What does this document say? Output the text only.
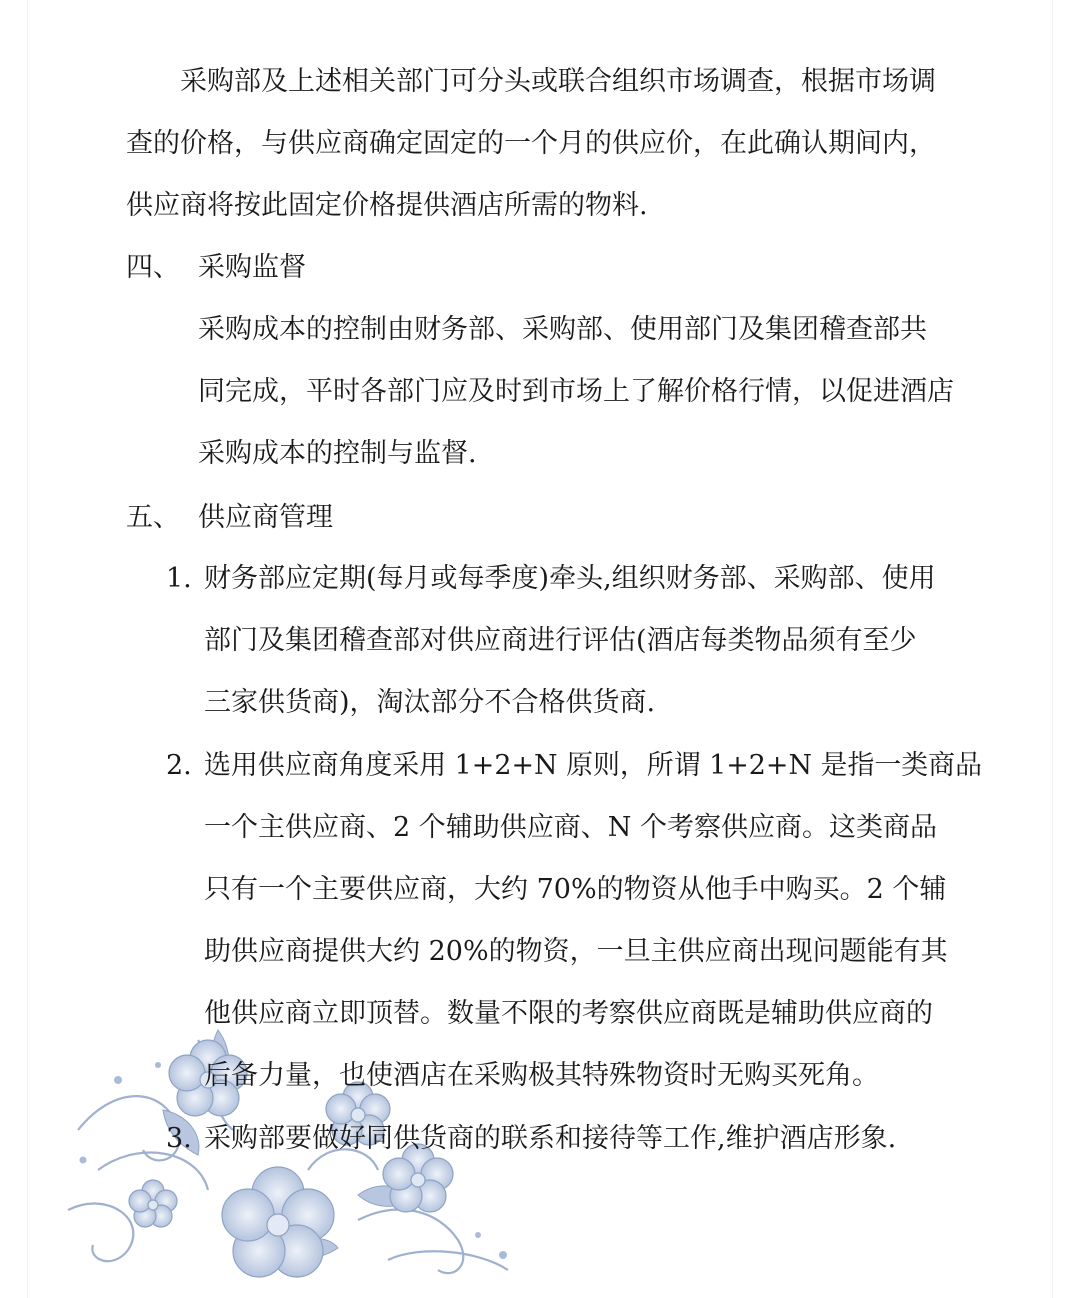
采购部及上述相关部门可分头或联合组织市场调查，根据市场调
查的价格，与供应商确定固定的一个月的供应价，在此确认期间内，
供应商将按此固定价格提供酒店所需的物料.
四、 采购监督
采购成本的控制由财务部、采购部、使用部门及集团稽查部共
同完成，平时各部门应及时到市场上了解价格行情，以促进酒店
采购成本的控制与监督.
五、 供应商管理
1. 财务部应定期(每月或每季度)牵头,组织财务部、采购部、使用
部门及集团稽查部对供应商进行评估(酒店每类物品须有至少
三家供货商)，淘汰部分不合格供货商.
2. 选用供应商角度采用 1+2+N 原则，所谓 1+2+N 是指一类商品
一个主供应商、2 个辅助供应商、N 个考察供应商。这类商品
只有一个主要供应商，大约 70%的物资从他手中购买。2 个辅
助供应商提供大约 20%的物资，一旦主供应商出现问题能有其
他供应商立即顶替。数量不限的考察供应商既是辅助供应商的
后备力量，也使酒店在采购极其特殊物资时无购买死角。
3. 采购部要做好同供货商的联系和接待等工作,维护酒店形象.
